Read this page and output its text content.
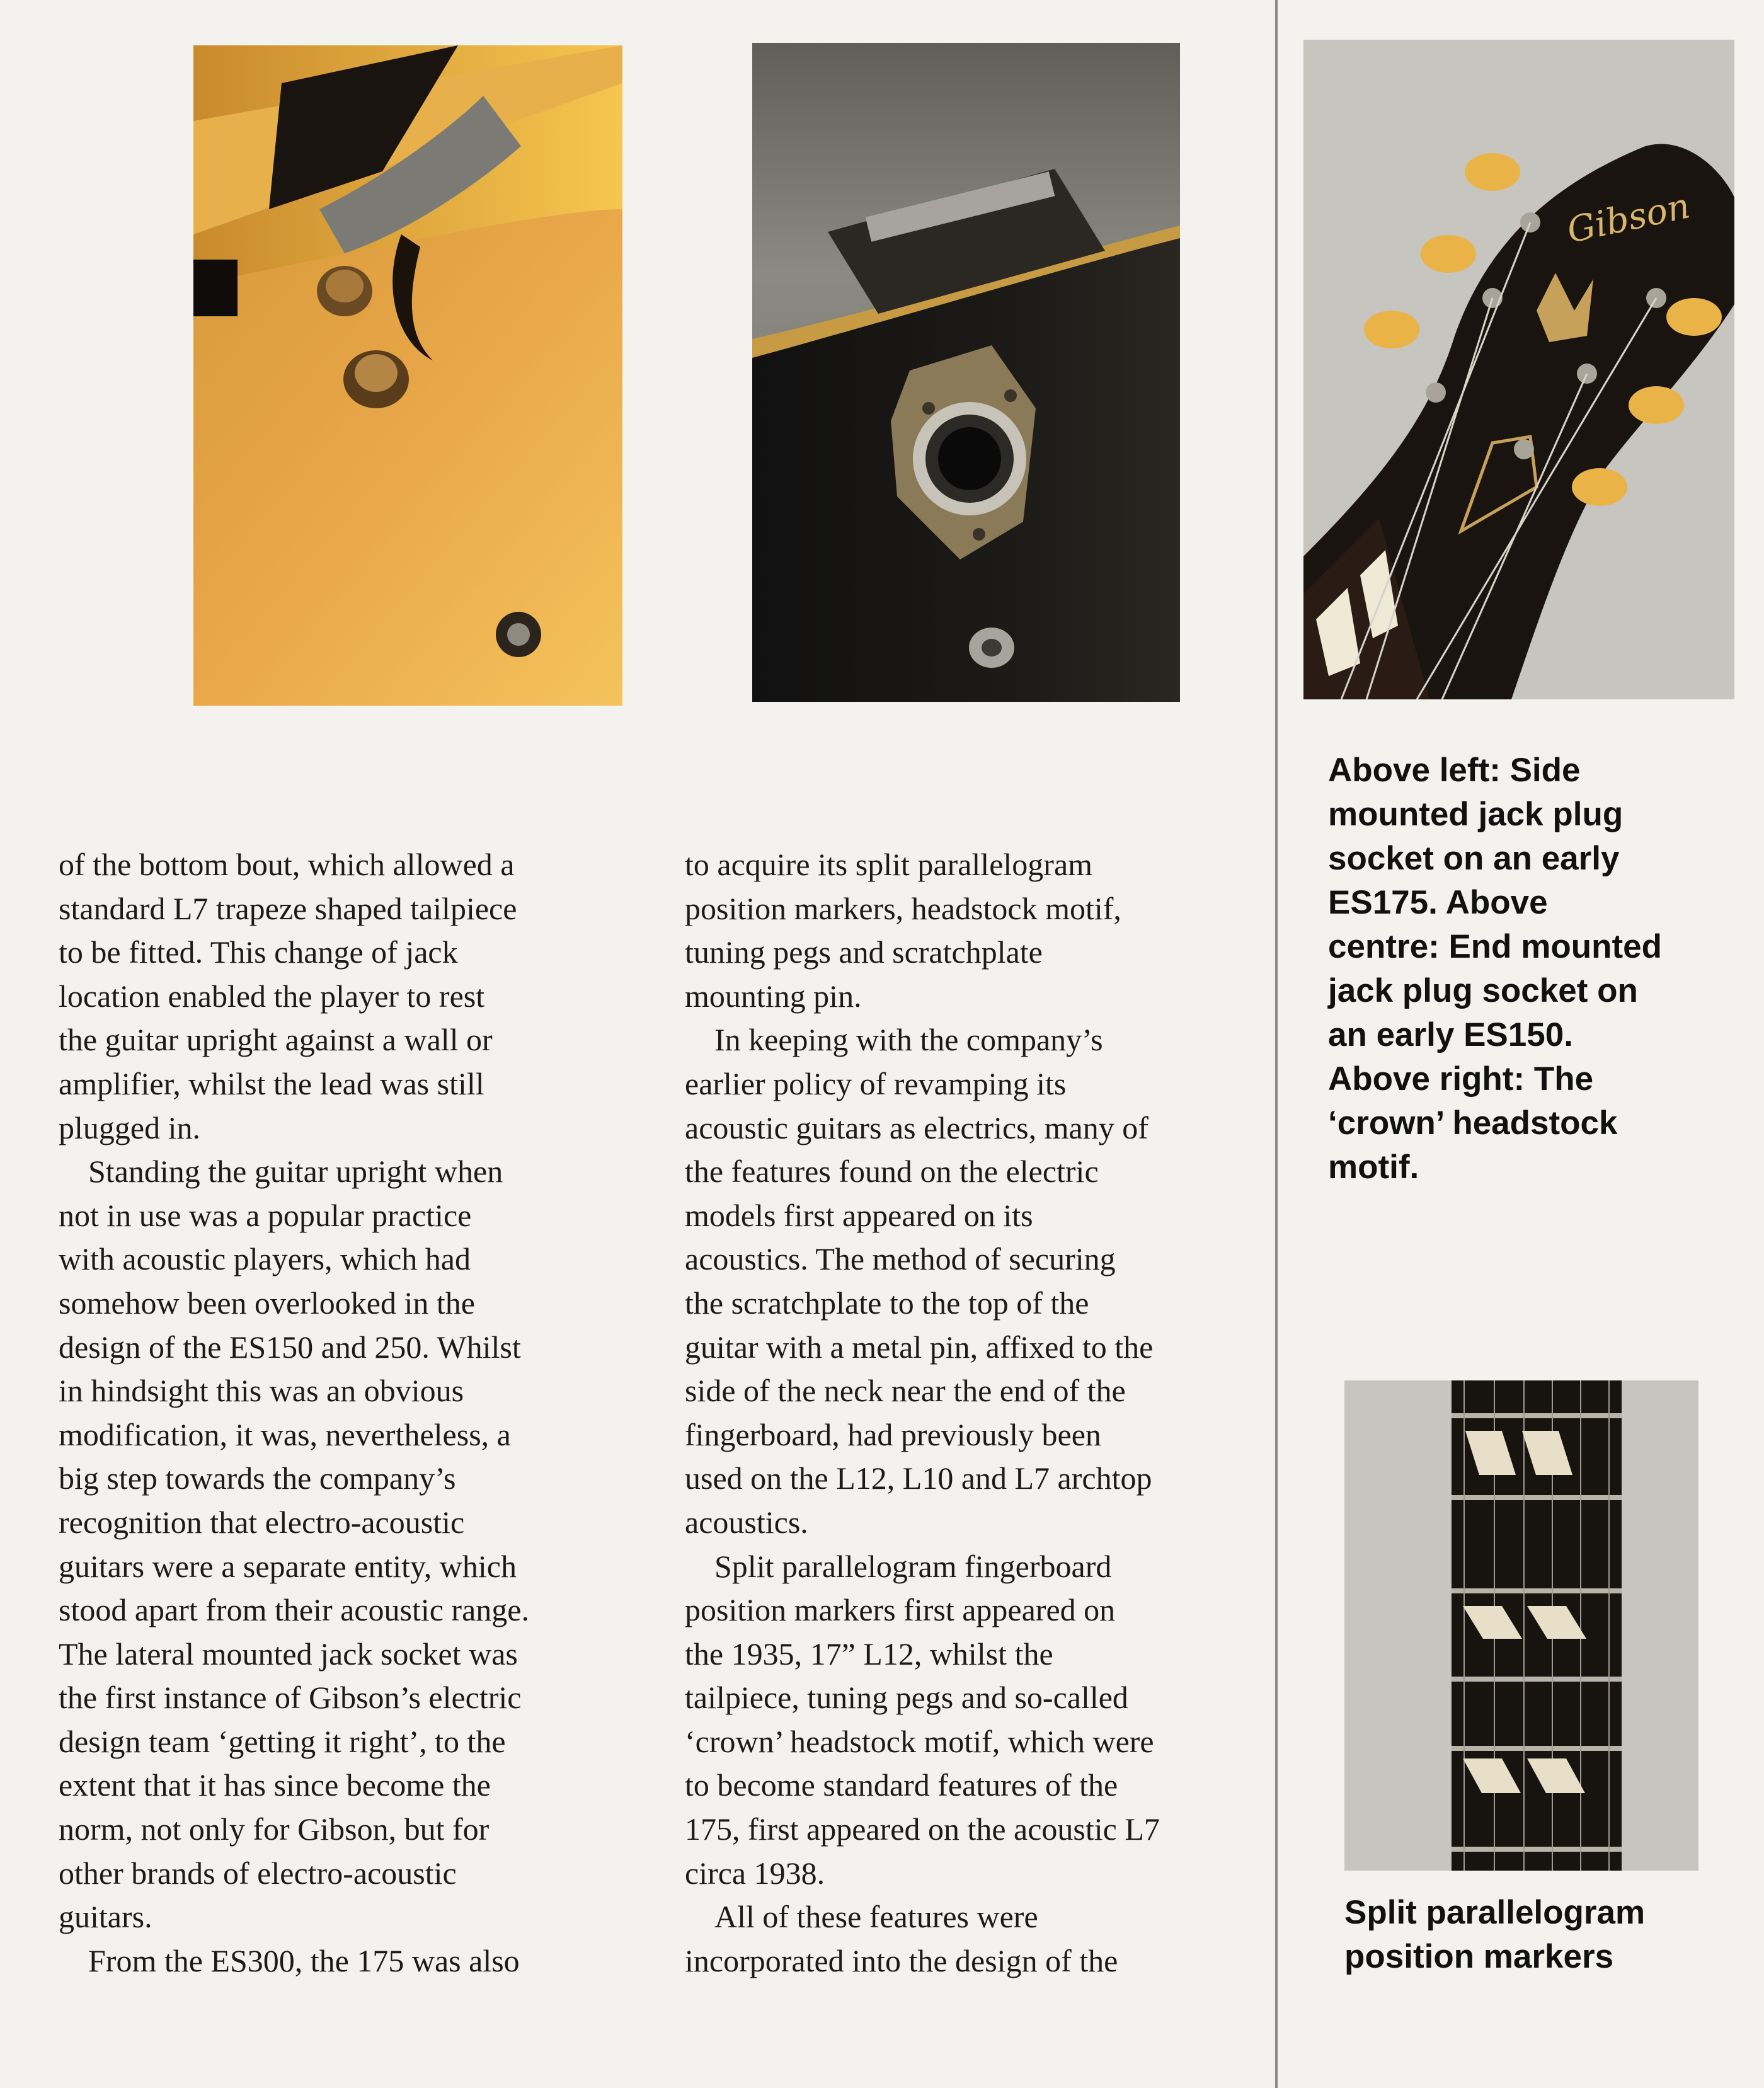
Gibson

of the bottom bout, which allowed a
standard L7 trapeze shaped tailpiece
to be fitted. This change of jack
location enabled the player to rest
the guitar upright against a wall or
amplifier, whilst the lead was still
plugged in.

Standing the guitar upright when
not in use was a popular practice
with acoustic players, which had
somehow been overlooked in the
design of the ES150 and 250. Whilst
in hindsight this was an obvious
modification, it was, nevertheless, a
big step towards the company’s
recognition that electro-acoustic
guitars were a separate entity, which
stood apart from their acoustic range.
The lateral mounted jack socket was
the first instance of Gibson’s electric
design team ‘getting it right’, to the
extent that it has since become the
norm, not only for Gibson, but for
other brands of electro-acoustic
guitars.

From the ES300, the 175 was also

to acquire its split parallelogram
position markers, headstock motif,
tuning pegs and scratchplate
mounting pin.

In keeping with the company’s
earlier policy of revamping its
acoustic guitars as electrics, many of
the features found on the electric
models first appeared on its
acoustics. The method of securing
the scratchplate to the top of the
guitar with a metal pin, affixed to the
side of the neck near the end of the
fingerboard, had previously been
used on the L12, L10 and L7 archtop
acoustics.

Split parallelogram fingerboard
position markers first appeared on
the 1935, 17” L12, whilst the
tailpiece, tuning pegs and so-called
‘crown’ headstock motif, which were
to become standard features of the
175, first appeared on the acoustic L7
circa 1938.

All of these features were
incorporated into the design of the

Above left: Side
mounted jack plug
socket on an early
ES175. Above
centre: End mounted
jack plug socket on
an early ES150.
Above right: The
‘crown’ headstock
motif.
Split parallelogram
position markers
